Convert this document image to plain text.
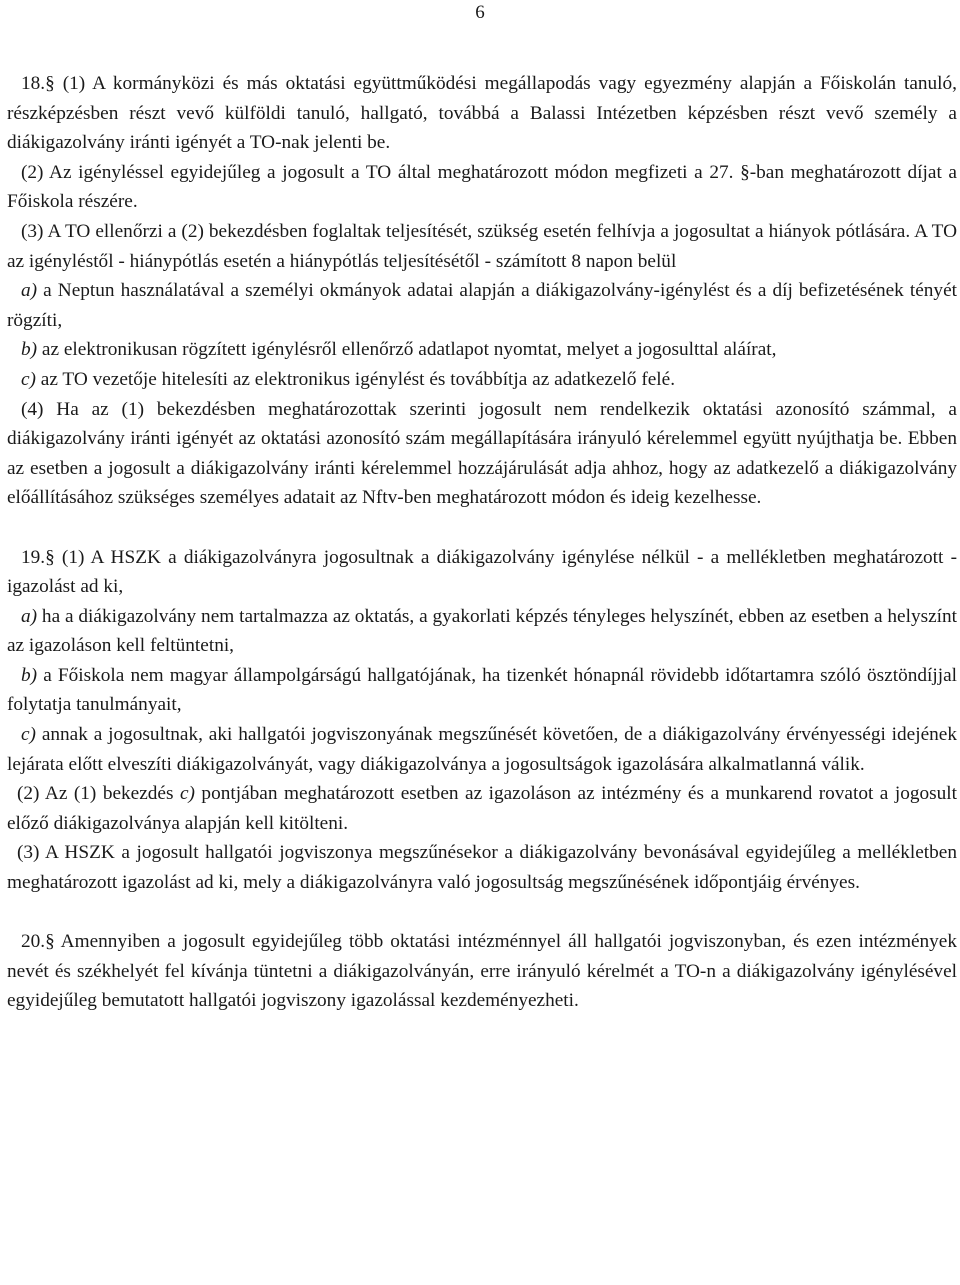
6

18.§ (1) A kormányközi és más oktatási együttműködési megállapodás vagy egyezmény alapján a Főiskolán tanuló, részképzésben részt vevő külföldi tanuló, hallgató, továbbá a Balassi Intézetben képzésben részt vevő személy a diákigazolvány iránti igényét a TO-nak jelenti be.

(2) Az igényléssel egyidejűleg a jogosult a TO által meghatározott módon megfizeti a 27. §-ban meghatározott díjat a Főiskola részére.

(3) A TO ellenőrzi a (2) bekezdésben foglaltak teljesítését, szükség esetén felhívja a jogosultat a hiányok pótlására. A TO az igényléstől - hiánypótlás esetén a hiánypótlás teljesítésétől - számított 8 napon belül

a) a Neptun használatával a személyi okmányok adatai alapján a diákigazolvány-igénylést és a díj befizetésének tényét rögzíti,

b) az elektronikusan rögzített igénylésről ellenőrző adatlapot nyomtat, melyet a jogosulttal aláírat,

c) az TO vezetője hitelesíti az elektronikus igénylést és továbbítja az adatkezelő felé.

(4) Ha az (1) bekezdésben meghatározottak szerinti jogosult nem rendelkezik oktatási azonosító számmal, a diákigazolvány iránti igényét az oktatási azonosító szám megállapítására irányuló kérelemmel együtt nyújthatja be. Ebben az esetben a jogosult a diákigazolvány iránti kérelemmel hozzájárulását adja ahhoz, hogy az adatkezelő a diákigazolvány előállításához szükséges személyes adatait az Nftv-ben meghatározott módon és ideig kezelhesse.

19.§ (1) A HSZK a diákigazolványra jogosultnak a diákigazolvány igénylése nélkül - a mellékletben meghatározott - igazolást ad ki,

a) ha a diákigazolvány nem tartalmazza az oktatás, a gyakorlati képzés tényleges helyszínét, ebben az esetben a helyszínt az igazoláson kell feltüntetni,

b) a Főiskola nem magyar állampolgárságú hallgatójának, ha tizenkét hónapnál rövidebb időtartamra szóló ösztöndíjjal folytatja tanulmányait,

c) annak a jogosultnak, aki hallgatói jogviszonyának megszűnését követően, de a diákigazolvány érvényességi idejének lejárata előtt elveszíti diákigazolványát, vagy diákigazolványa a jogosultságok igazolására alkalmatlanná válik.

(2) Az (1) bekezdés c) pontjában meghatározott esetben az igazoláson az intézmény és a munkarend rovatot a jogosult előző diákigazolványa alapján kell kitölteni.

(3) A HSZK a jogosult hallgatói jogviszonya megszűnésekor a diákigazolvány bevonásával egyidejűleg a mellékletben meghatározott igazolást ad ki, mely a diákigazolványra való jogosultság megszűnésének időpontjáig érvényes.

20.§ Amennyiben a jogosult egyidejűleg több oktatási intézménnyel áll hallgatói jogviszonyban, és ezen intézmények nevét és székhelyét fel kívánja tüntetni a diákigazolványán, erre irányuló kérelmét a TO-n a diákigazolvány igénylésével egyidejűleg bemutatott hallgatói jogviszony igazolással kezdeményezheti.
